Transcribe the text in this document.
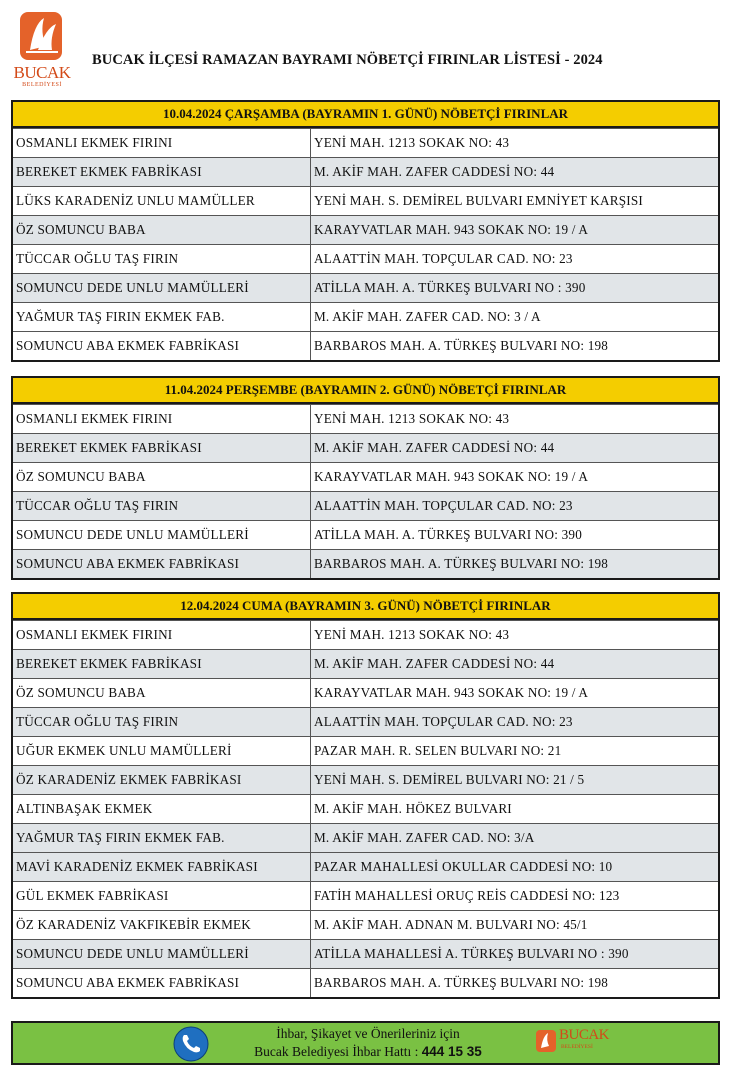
BUCAK
BELEDİYESİ
BUCAK İLÇESİ RAMAZAN BAYRAMI NÖBETÇİ FIRINLAR LİSTESİ - 2024
10.04.2024 ÇARŞAMBA (BAYRAMIN 1. GÜNÜ) NÖBETÇİ FIRINLAR
OSMANLI EKMEK FIRINI	YENİ MAH. 1213 SOKAK NO: 43
BEREKET EKMEK FABRİKASI	M. AKİF MAH. ZAFER CADDESİ NO: 44
LÜKS KARADENİZ UNLU MAMÜLLER	YENİ MAH. S. DEMİREL BULVARI EMNİYET KARŞISI
ÖZ SOMUNCU BABA	KARAYVATLAR MAH. 943 SOKAK NO: 19 / A
TÜCCAR OĞLU TAŞ FIRIN	ALAATTİN MAH. TOPÇULAR CAD. NO: 23
SOMUNCU DEDE UNLU MAMÜLLERİ	ATİLLA MAH. A. TÜRKEŞ BULVARI NO : 390
YAĞMUR TAŞ FIRIN EKMEK FAB.	M. AKİF MAH. ZAFER CAD. NO: 3 / A
SOMUNCU ABA EKMEK FABRİKASI	BARBAROS MAH. A. TÜRKEŞ BULVARI NO: 198
11.04.2024 PERŞEMBE (BAYRAMIN 2. GÜNÜ) NÖBETÇİ FIRINLAR
OSMANLI EKMEK FIRINI	YENİ MAH. 1213 SOKAK NO: 43
BEREKET EKMEK FABRİKASI	M. AKİF MAH. ZAFER CADDESİ NO: 44
ÖZ SOMUNCU BABA	KARAYVATLAR MAH. 943 SOKAK NO: 19 / A
TÜCCAR OĞLU TAŞ FIRIN	ALAATTİN MAH. TOPÇULAR CAD. NO: 23
SOMUNCU DEDE UNLU MAMÜLLERİ	ATİLLA MAH. A. TÜRKEŞ BULVARI NO: 390
SOMUNCU ABA EKMEK FABRİKASI	BARBAROS MAH. A. TÜRKEŞ BULVARI NO: 198
12.04.2024 CUMA (BAYRAMIN 3. GÜNÜ) NÖBETÇİ FIRINLAR
OSMANLI EKMEK FIRINI	YENİ MAH. 1213 SOKAK NO: 43
BEREKET EKMEK FABRİKASI	M. AKİF MAH. ZAFER CADDESİ NO: 44
ÖZ SOMUNCU BABA	KARAYVATLAR MAH. 943 SOKAK NO: 19 / A
TÜCCAR OĞLU TAŞ FIRIN	ALAATTİN MAH. TOPÇULAR CAD. NO: 23
UĞUR EKMEK UNLU MAMÜLLERİ	PAZAR MAH. R. SELEN BULVARI NO: 21
ÖZ KARADENİZ EKMEK FABRİKASI	YENİ MAH. S. DEMİREL BULVARI NO: 21 / 5
ALTINBAŞAK EKMEK	M. AKİF MAH. HÖKEZ BULVARI
YAĞMUR TAŞ FIRIN EKMEK FAB.	M. AKİF MAH. ZAFER CAD. NO: 3/A
MAVİ KARADENİZ EKMEK FABRİKASI	PAZAR MAHALLESİ OKULLAR CADDESİ NO: 10
GÜL EKMEK FABRİKASI	FATİH MAHALLESİ ORUÇ REİS CADDESİ NO: 123
ÖZ KARADENİZ VAKFIKEBİR EKMEK	M. AKİF MAH. ADNAN M. BULVARI NO: 45/1
SOMUNCU DEDE UNLU MAMÜLLERİ	ATİLLA MAHALLESİ A. TÜRKEŞ BULVARI NO : 390
SOMUNCU ABA EKMEK FABRİKASI	BARBAROS MAH. A. TÜRKEŞ BULVARI NO: 198
İhbar, Şikayet ve Önerileriniz için
Bucak Belediyesi İhbar Hattı : 444 15 35
BUCAK
BELEDİYESİ
